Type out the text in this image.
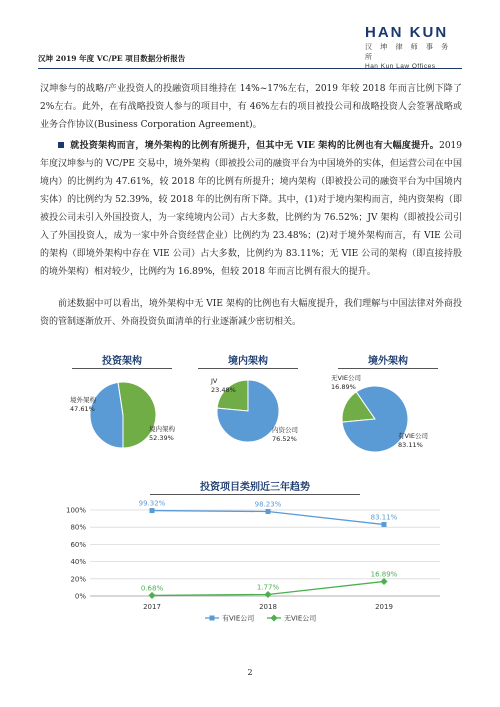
汉坤 2019 年度 VC/PE 项目数据分析报告
HAN KUN
汉 坤 律 师 事 务 所
Han Kun Law Offices
汉坤参与的战略/产业投资人的投融资项目维持在 14%~17%左右，2019 年较 2018 年而言比例下降了 2%左右。此外，在有战略投资人参与的项目中，有 46%左右的项目被投公司和战略投资人会签署战略或业务合作协议(Business Corporation Agreement)。
就投资架构而言，境外架构的比例有所提升，但其中无 VIE 架构的比例也有大幅度提升。2019 年度汉坤参与的 VC/PE 交易中，境外架构（即被投公司的融资平台为中国境外的实体，但运营公司在中国境内）的比例约为 47.61%，较 2018 年的比例有所提升；境内架构（即被投公司的融资平台为中国境内实体）的比例约为 52.39%，较 2018 年的比例有所下降。其中，(1)对于境内架构而言，纯内资架构（即被投公司未引入外国投资人，为一家纯境内公司）占大多数，比例约为 76.52%；JV 架构（即被投公司引入了外国投资人，成为一家中外合资经营企业）比例约为 23.48%；(2)对于境外架构而言，有 VIE 公司的架构（即境外架构中存在 VIE 公司）占大多数，比例约为 83.11%；无 VIE 公司的架构（即直接持股的境外架构）相对较少，比例约为 16.89%，但较 2018 年而言比例有很大的提升。
前述数据中可以看出，境外架构中无 VIE 架构的比例也有大幅度提升，我们理解与中国法律对外商投资的管制逐渐放开、外商投资负面清单的行业逐渐减少密切相关。
投资架构
境外架构
47.61%
境内架构
52.39%
境内架构
JV
23.48%
内资公司
76.52%
境外架构
无VIE公司
16.89%
有VIE公司
83.11%
投资项目类别近三年趋势
0%
20%
40%
60%
80%
100%
2017	2018	2019
99.32%	98.23%
83.11%
0.68%	1.77%
16.89%
有VIE公司	无VIE公司
2
